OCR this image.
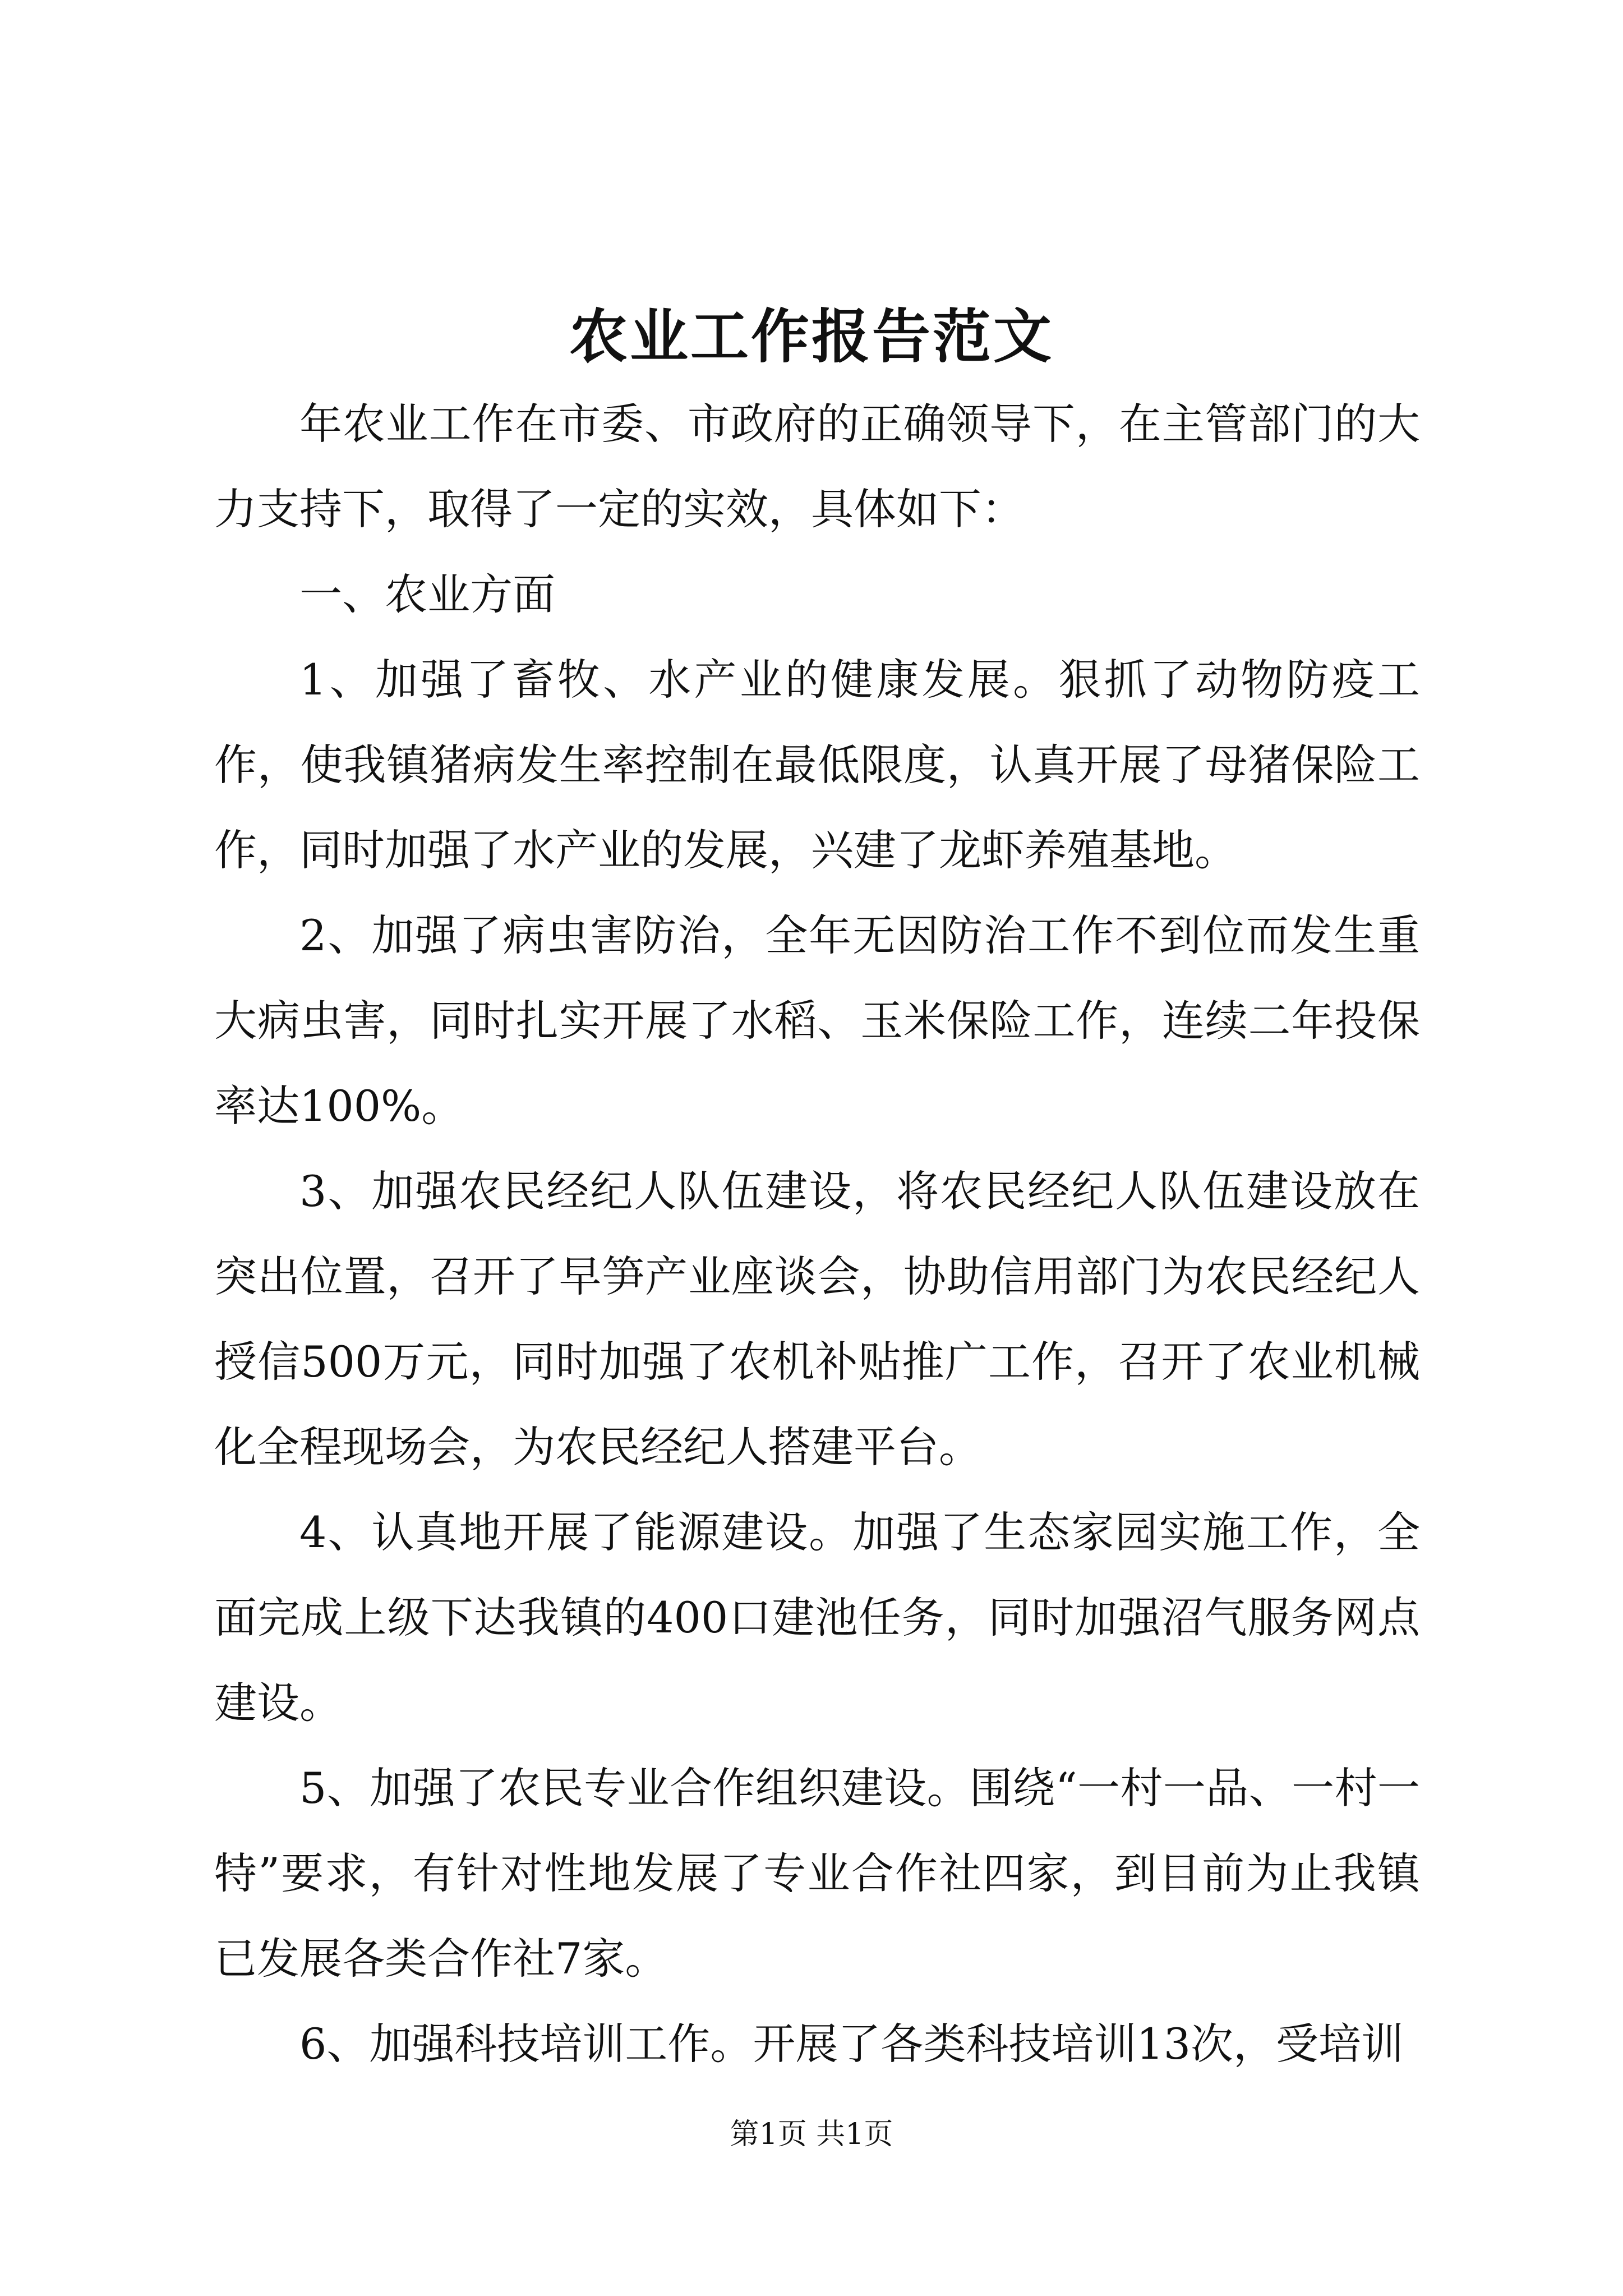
农业工作报告范文

年农业工作在市委、市政府的正确领导下，在主管部门的大力支持下，取得了一定的实效，具体如下：

一、农业方面

1、加强了畜牧、水产业的健康发展。狠抓了动物防疫工作，使我镇猪病发生率控制在最低限度，认真开展了母猪保险工作，同时加强了水产业的发展，兴建了龙虾养殖基地。

2、加强了病虫害防治，全年无因防治工作不到位而发生重大病虫害，同时扎实开展了水稻、玉米保险工作，连续二年投保率达100%。

3、加强农民经纪人队伍建设，将农民经纪人队伍建设放在突出位置，召开了早笋产业座谈会，协助信用部门为农民经纪人授信500万元，同时加强了农机补贴推广工作，召开了农业机械化全程现场会，为农民经纪人搭建平台。

4、认真地开展了能源建设。加强了生态家园实施工作，全面完成上级下达我镇的400口建池任务，同时加强沼气服务网点建设。

5、加强了农民专业合作组织建设。围绕“一村一品、一村一特”要求，有针对性地发展了专业合作社四家，到目前为止我镇已发展各类合作社7家。

6、加强科技培训工作。开展了各类科技培训13次，受培训

第1页 共1页
